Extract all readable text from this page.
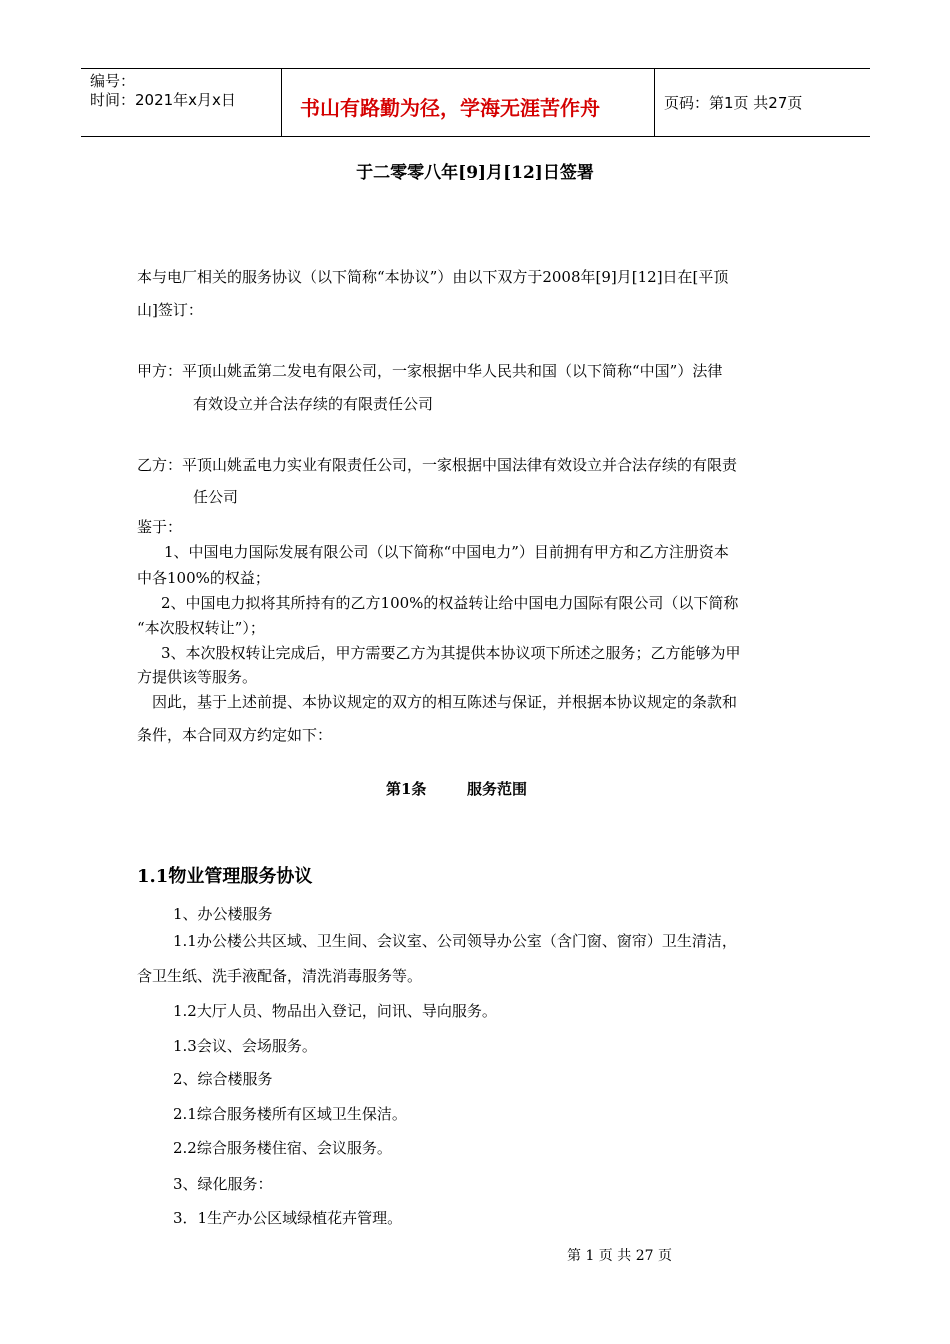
编号：
时间：2021年x月x日	书山有路勤为径，学海无涯苦作舟	页码：第1页 共27页
于二零零八年[9]月[12]日签署
本与电厂相关的服务协议（以下简称“本协议”）由以下双方于2008年[9]月[12]日在[平顶
山]签订：
甲方：平顶山姚孟第二发电有限公司，一家根据中华人民共和国（以下简称“中国”）法律
有效设立并合法存续的有限责任公司
乙方：平顶山姚孟电力实业有限责任公司，一家根据中国法律有效设立并合法存续的有限责
任公司
鉴于：
1、中国电力国际发展有限公司（以下简称“中国电力”）目前拥有甲方和乙方注册资本
中各100%的权益；
2、中国电力拟将其所持有的乙方100%的权益转让给中国电力国际有限公司（以下简称
“本次股权转让”）；
3、本次股权转让完成后，甲方需要乙方为其提供本协议项下所述之服务；乙方能够为甲
方提供该等服务。
因此，基于上述前提、本协议规定的双方的相互陈述与保证，并根据本协议规定的条款和
条件，本合同双方约定如下：
第1条	服务范围
1.1物业管理服务协议
1、办公楼服务
1.1办公楼公共区域、卫生间、会议室、公司领导办公室（含门窗、窗帘）卫生清洁，
含卫生纸、洗手液配备，清洗消毒服务等。
1.2大厅人员、物品出入登记，问讯、导向服务。
1.3会议、会场服务。
2、综合楼服务
2.1综合服务楼所有区域卫生保洁。
2.2综合服务楼住宿、会议服务。
3、绿化服务：
3．1生产办公区域绿植花卉管理。
第 1 页 共 27 页
